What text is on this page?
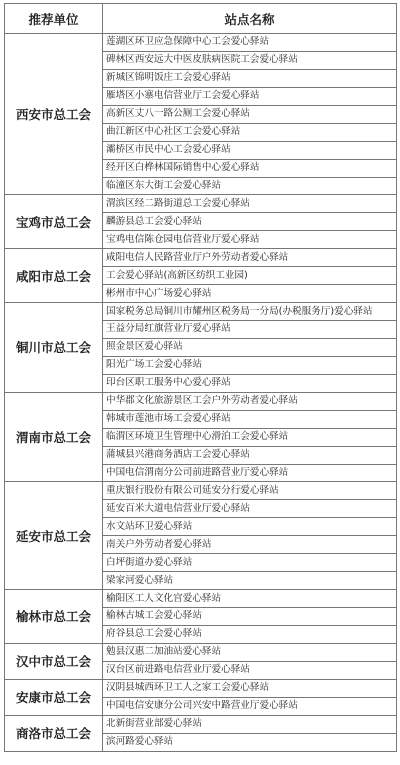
推荐单位	站点名称
西安市总工会	莲湖区环卫应急保障中心工会爱心驿站
	碑林区西安远大中医皮肤病医院工会爱心驿站
	新城区锦明饭庄工会爱心驿站
	雁塔区小寨电信营业厅工会爱心驿站
	高新区丈八一路公厕工会爱心驿站
	曲江新区中心社区工会爱心驿站
	灞桥区市民中心工会爱心驿站
	经开区白桦林国际销售中心爱心驿站
	临潼区东大街工会爱心驿站
宝鸡市总工会	渭滨区经二路街道总工会爱心驿站
	麟游县总工会爱心驿站
	宝鸡电信陈仓园电信营业厅爱心驿站
咸阳市总工会	咸阳电信人民路营业厅户外劳动者爱心驿站
	工会爱心驿站(高新区纺织工业园)
	彬州市中心广场爱心驿站
铜川市总工会	国家税务总局铜川市耀州区税务局一分局(办税服务厅)爱心驿站
	王益分局红旗营业厅爱心驿站
	照金景区爱心驿站
	阳光广场工会爱心驿站
	印台区职工服务中心爱心驿站
渭南市总工会	中华郡文化旅游景区工会户外劳动者爱心驿站
	韩城市莲池市场工会爱心驿站
	临渭区环境卫生管理中心滑泊工会爱心驿站
	蒲城县兴港商务酒店工会爱心驿站
	中国电信渭南分公司前进路营业厅爱心驿站
延安市总工会	重庆银行股份有限公司延安分行爱心驿站
	延安百米大道电信营业厅爱心驿站
	水文站环卫爱心驿站
	南关户外劳动者爱心驿站
	白坪街道办爱心驿站
	梁家河爱心驿站
榆林市总工会	榆阳区工人文化宫爱心驿站
	榆林古城工会爱心驿站
	府谷县总工会爱心驿站
汉中市总工会	勉县汉惠二加油站爱心驿站
	汉台区前进路电信营业厅爱心驿站
安康市总工会	汉阴县城西环卫工人之家工会爱心驿站
	中国电信安康分公司兴安中路营业厅爱心驿站
商洛市总工会	北新街营业部爱心驿站
	滨河路爱心驿站
